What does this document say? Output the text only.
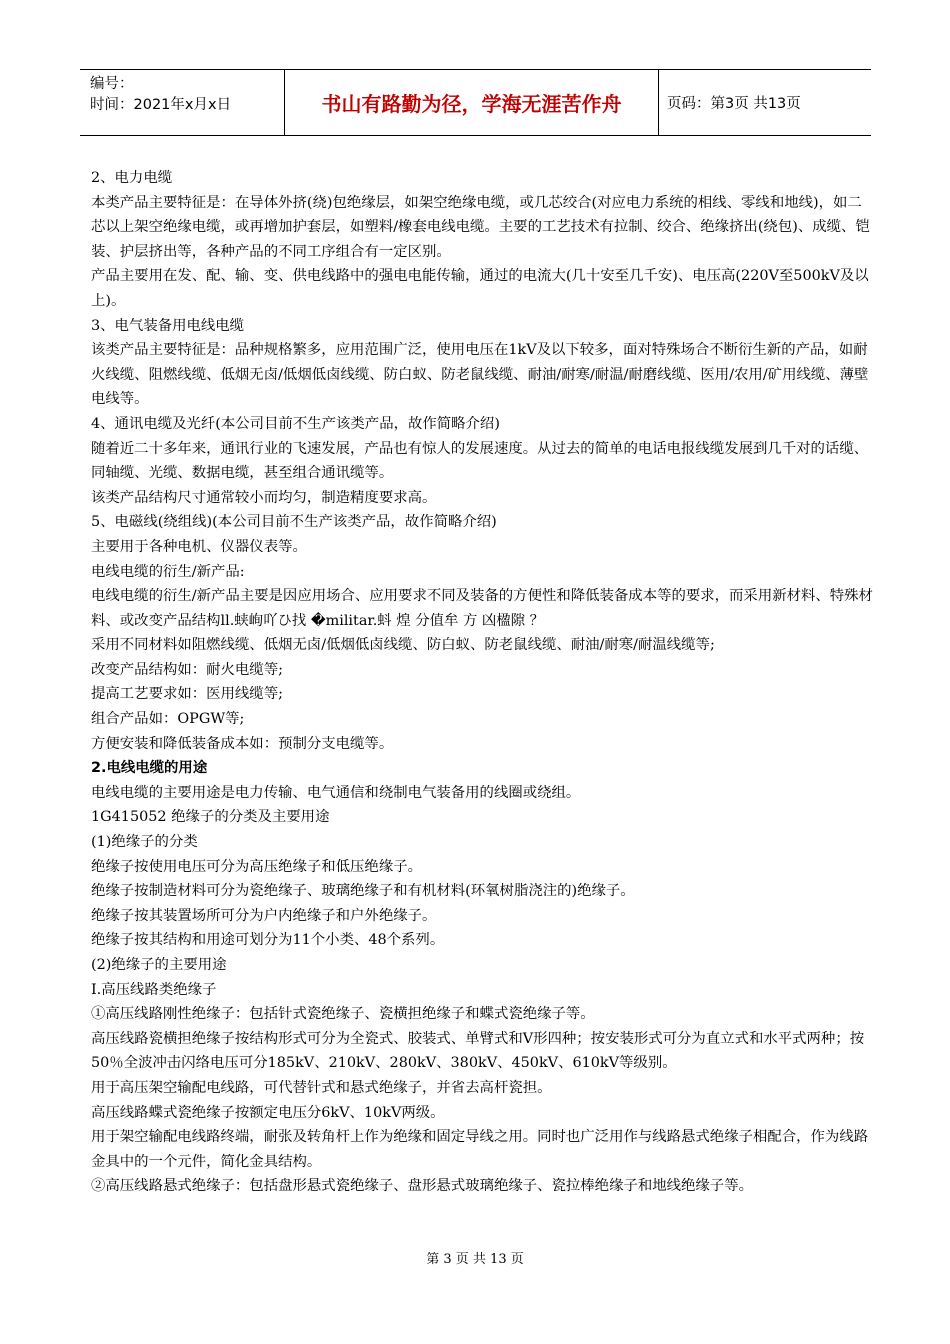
编号：
时间：2021年x月x日	书山有路勤为径，学海无涯苦作舟	页码：第3页 共13页

2、电力电缆

本类产品主要特征是：在导体外挤(绕)包绝缘层，如架空绝缘电缆，或几芯绞合(对应电力系统的相线、零线和地线)，如二芯以上架空绝缘电缆，或再增加护套层，如塑料/橡套电线电缆。主要的工艺技术有拉制、绞合、绝缘挤出(绕包)、成缆、铠装、护层挤出等，各种产品的不同工序组合有一定区别。

产品主要用在发、配、输、变、供电线路中的强电电能传输，通过的电流大(几十安至几千安)、电压高(220V至500kV及以上)。

3、电气装备用电线电缆

该类产品主要特征是：品种规格繁多，应用范围广泛，使用电压在1kV及以下较多，面对特殊场合不断衍生新的产品，如耐火线缆、阻燃线缆、低烟无卤/低烟低卤线缆、防白蚁、防老鼠线缆、耐油/耐寒/耐温/耐磨线缆、医用/农用/矿用线缆、薄壁电线等。

4、通讯电缆及光纤(本公司目前不生产该类产品，故作简略介绍)

随着近二十多年来，通讯行业的飞速发展，产品也有惊人的发展速度。从过去的简单的电话电报线缆发展到几千对的话缆、同轴缆、光缆、数据电缆，甚至组合通讯缆等。

该类产品结构尺寸通常较小而均匀，制造精度要求高。

5、电磁线(绕组线)(本公司目前不生产该类产品，故作简略介绍)

主要用于各种电机、仪器仪表等。

电线电缆的衍生/新产品:

电线电缆的衍生/新产品主要是因应用场合、应用要求不同及装备的方便性和降低装备成本等的要求，而采用新材料、特殊材料、或改变产品结构ll.蛱峋吖ひ找 �militar.蚪 煌 分值牟 方 凶楹隙 ？

采用不同材料如阻燃线缆、低烟无卤/低烟低卤线缆、防白蚁、防老鼠线缆、耐油/耐寒/耐温线缆等;

改变产品结构如：耐火电缆等;

提高工艺要求如：医用线缆等;

组合产品如：OPGW等;

方便安装和降低装备成本如：预制分支电缆等。

2.电线电缆的用途

电线电缆的主要用途是电力传输、电气通信和绕制电气装备用的线圈或绕组。

1G415052 绝缘子的分类及主要用途

(1)绝缘子的分类

绝缘子按使用电压可分为高压绝缘子和低压绝缘子。

绝缘子按制造材料可分为瓷绝缘子、玻璃绝缘子和有机材料(环氧树脂浇注的)绝缘子。

绝缘子按其装置场所可分为户内绝缘子和户外绝缘子。

绝缘子按其结构和用途可划分为11个小类、48个系列。

(2)绝缘子的主要用途

Ⅰ.高压线路类绝缘子

①高压线路刚性绝缘子：包括针式瓷绝缘子、瓷横担绝缘子和蝶式瓷绝缘子等。

高压线路瓷横担绝缘子按结构形式可分为全瓷式、胶装式、单臂式和V形四种；按安装形式可分为直立式和水平式两种；按50％全波冲击闪络电压可分185kV、210kV、280kV、380kV、450kV、610kV等级别。

用于高压架空输配电线路，可代替针式和悬式绝缘子，并省去高杆瓷担。

高压线路蝶式瓷绝缘子按额定电压分6kV、10kV两级。

用于架空输配电线路终端，耐张及转角杆上作为绝缘和固定导线之用。同时也广泛用作与线路悬式绝缘子相配合，作为线路金具中的一个元件，简化金具结构。

②高压线路悬式绝缘子：包括盘形悬式瓷绝缘子、盘形悬式玻璃绝缘子、瓷拉棒绝缘子和地线绝缘子等。

第 3 页 共 13 页
